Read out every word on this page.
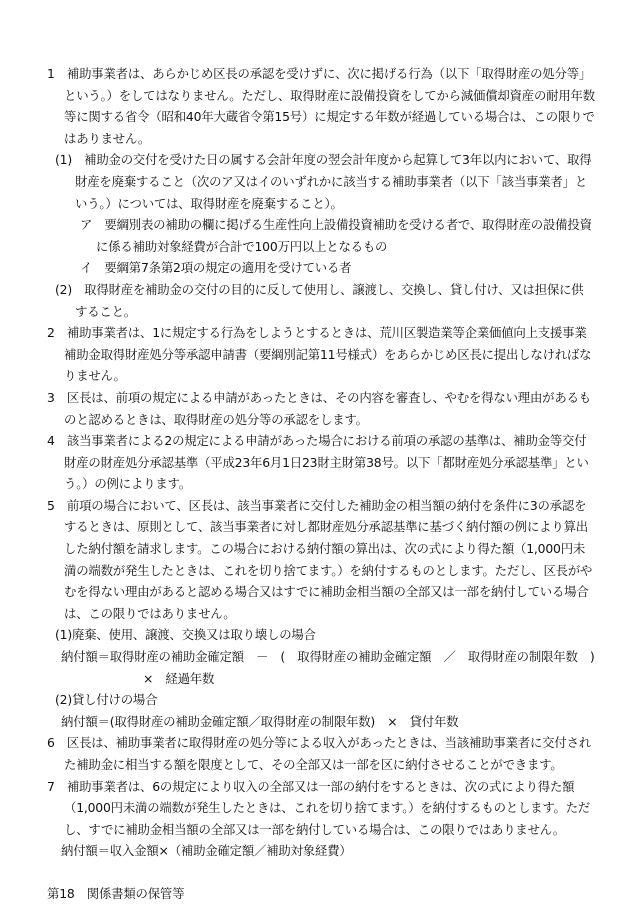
1　補助事業者は、あらかじめ区長の承認を受けずに、次に掲げる行為（以下「取得財産の処分等」という。）をしてはなりません。ただし、取得財産に設備投資をしてから減価償却資産の耐用年数等に関する省令（昭和40年大蔵省令第15号）に規定する年数が経過している場合は、この限りではありません。

(1)　補助金の交付を受けた日の属する会計年度の翌会計年度から起算して3年以内において、取得財産を廃棄すること（次のア又はイのいずれかに該当する補助事業者（以下「該当事業者」という。）については、取得財産を廃棄すること）。

ア　要綱別表の補助の欄に掲げる生産性向上設備投資補助を受ける者で、取得財産の設備投資に係る補助対象経費が合計で100万円以上となるもの

イ　要綱第7条第2項の規定の適用を受けている者

(2)　取得財産を補助金の交付の目的に反して使用し、譲渡し、交換し、貸し付け、又は担保に供すること。

2　補助事業者は、1に規定する行為をしようとするときは、荒川区製造業等企業価値向上支援事業補助金取得財産処分等承認申請書（要綱別記第11号様式）をあらかじめ区長に提出しなければなりません。

3　区長は、前項の規定による申請があったときは、その内容を審査し、やむを得ない理由があるものと認めるときは、取得財産の処分等の承認をします。

4　該当事業者による2の規定による申請があった場合における前項の承認の基準は、補助金等交付財産の財産処分承認基準（平成23年6月1日23財主財第38号。以下「都財産処分承認基準」という。）の例によります。

5　前項の場合において、区長は、該当事業者に交付した補助金の相当額の納付を条件に3の承認をするときは、原則として、該当事業者に対し都財産処分承認基準に基づく納付額の例により算出した納付額を請求します。この場合における納付額の算出は、次の式により得た額（1,000円未満の端数が発生したときは、これを切り捨てます。）を納付するものとします。ただし、区長がやむを得ない理由があると認める場合又はすでに補助金相当額の全部又は一部を納付している場合は、この限りではありません。

(1)廃棄、使用、譲渡、交換又は取り壊しの場合

納付額＝取得財産の補助金確定額　－　(　取得財産の補助金確定額　／　取得財産の制限年数　)

×　経過年数

(2)貸し付けの場合

納付額＝(取得財産の補助金確定額／取得財産の制限年数)　×　貸付年数

6　区長は、補助事業者に取得財産の処分等による収入があったときは、当該補助事業者に交付された補助金に相当する額を限度として、その全部又は一部を区に納付させることができます。

7　補助事業者は、6の規定により収入の全部又は一部の納付をするときは、次の式により得た額（1,000円未満の端数が発生したときは、これを切り捨てます。）を納付するものとします。ただし、すでに補助金相当額の全部又は一部を納付している場合は、この限りではありません。

納付額＝収入金額×（補助金確定額／補助対象経費）

第18　関係書類の保管等
